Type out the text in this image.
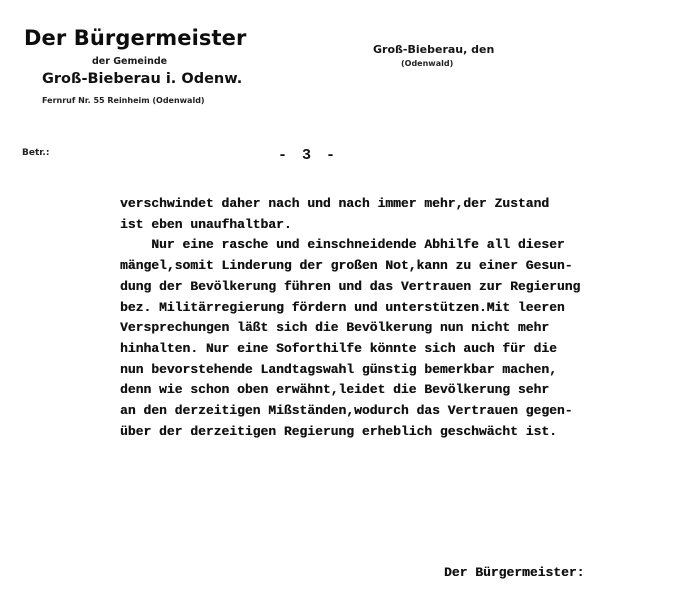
Der Bürgermeister
der Gemeinde
Groß-Bieberau i. Odenw.
Fernruf Nr. 55 Reinheim (Odenwald)
Groß-Bieberau, den
(Odenwald)
Betr.:	- 3 -
verschwindet daher nach und nach immer mehr,der Zustand
ist eben unaufhaltbar.
Nur eine rasche und einschneidende Abhilfe all dieser
mängel,somit Linderung der großen Not,kann zu einer Gesun-
dung der Bevölkerung führen und das Vertrauen zur Regierung
bez. Militärregierung fördern und unterstützen.Mit leeren
Versprechungen läßt sich die Bevölkerung nun nicht mehr
hinhalten. Nur eine Soforthilfe könnte sich auch für die
nun bevorstehende Landtagswahl günstig bemerkbar machen,
denn wie schon oben erwähnt,leidet die Bevölkerung sehr
an den derzeitigen Mißständen,wodurch das Vertrauen gegen-
über der derzeitigen Regierung erheblich geschwächt ist.
Der Bürgermeister:
